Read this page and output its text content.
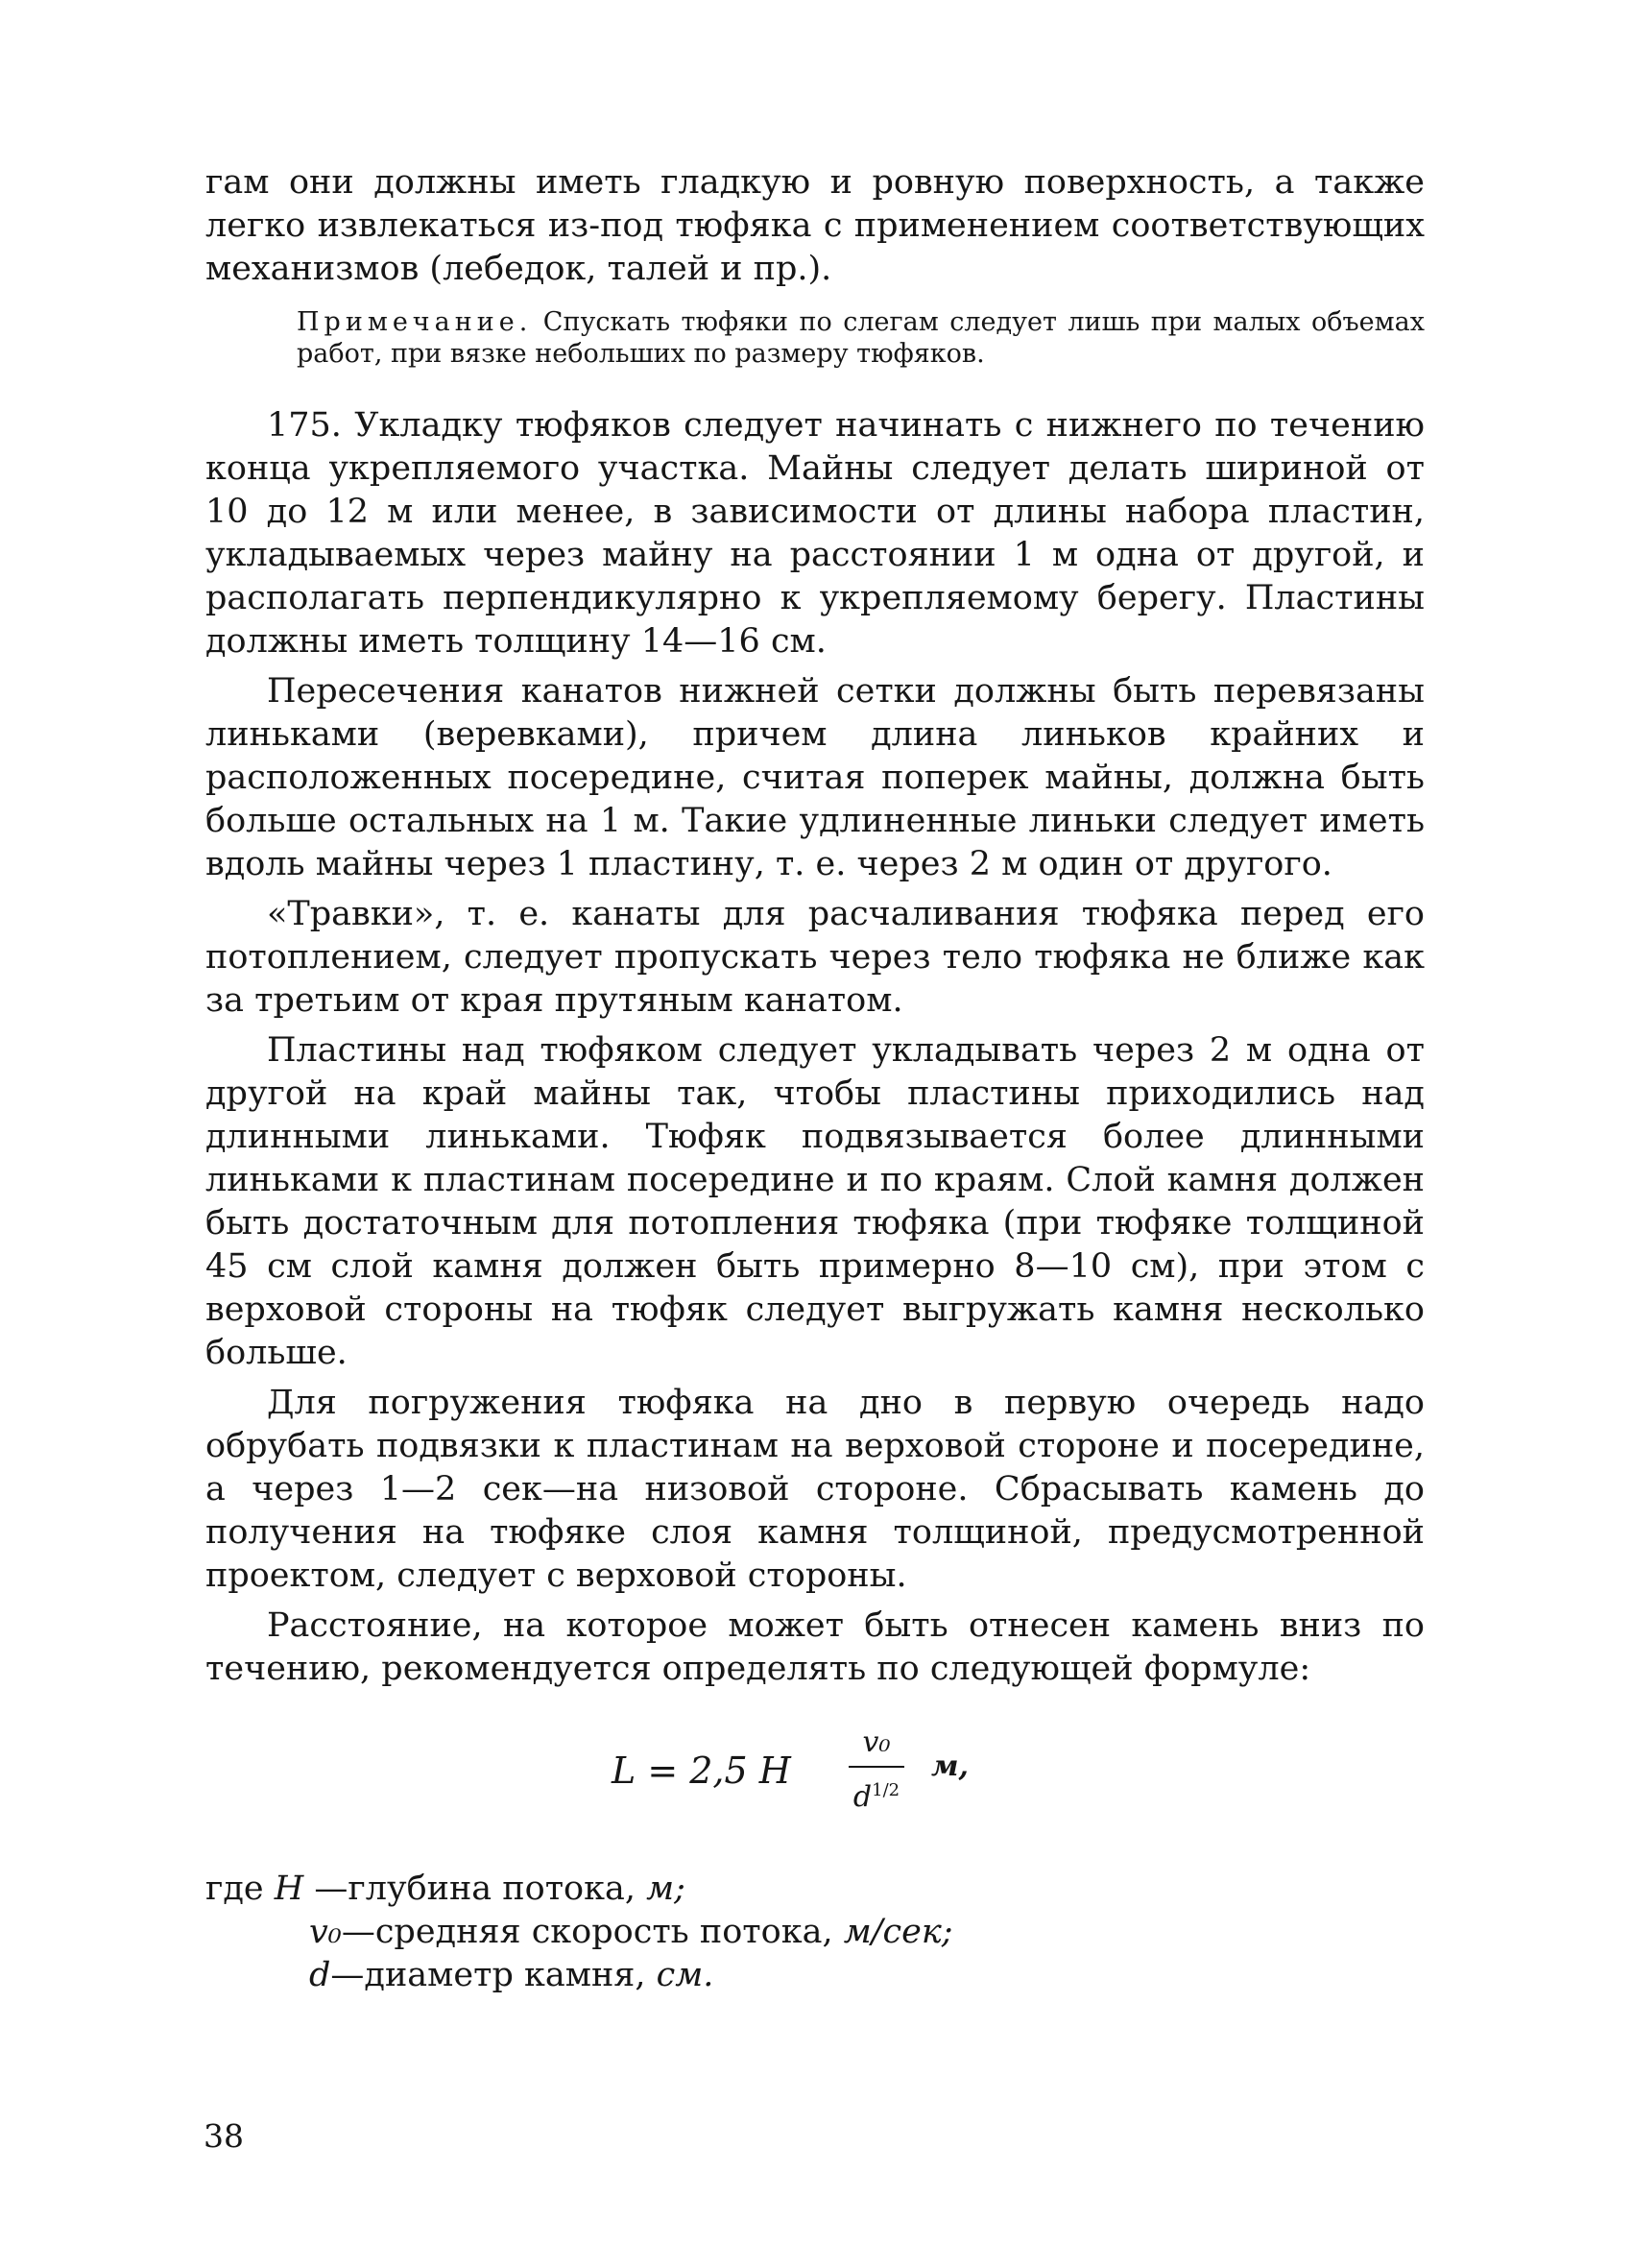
гам они должны иметь гладкую и ровную поверхность, а также легко извлекаться из-под тюфяка с применением соответствующих механизмов (лебедок, талей и пр.).

Примечание. Спускать тюфяки по слегам следует лишь при малых объемах работ, при вязке небольших по размеру тюфяков.

175. Укладку тюфяков следует начинать с нижнего по течению конца укрепляемого участка. Майны следует делать шириной от 10 до 12 м или менее, в зависимости от длины набора пластин, укладываемых через майну на расстоянии 1 м одна от другой, и располагать перпендикулярно к укрепляемому берегу. Пластины должны иметь толщину 14—16 см.

Пересечения канатов нижней сетки должны быть перевязаны линьками (веревками), причем длина линьков крайних и расположенных посередине, считая поперек майны, должна быть больше остальных на 1 м. Такие удлиненные линьки следует иметь вдоль майны через 1 пластину, т. е. через 2 м один от другого.

«Травки», т. е. канаты для расчаливания тюфяка перед его потоплением, следует пропускать через тело тюфяка не ближе как за третьим от края прутяным канатом.

Пластины над тюфяком следует укладывать через 2 м одна от другой на край майны так, чтобы пластины приходились над длинными линьками. Тюфяк подвязывается более длинными линьками к пластинам посередине и по краям. Слой камня должен быть достаточным для потопления тюфяка (при тюфяке толщиной 45 см слой камня должен быть примерно 8—10 см), при этом с верховой стороны на тюфяк следует выгружать камня несколько больше.

Для погружения тюфяка на дно в первую очередь надо обрубать подвязки к пластинам на верховой стороне и посередине, а через 1—2 сек—на низовой стороне. Сбрасывать камень до получения на тюфяке слоя камня толщиной, предусмотренной проектом, следует с верховой стороны.

Расстояние, на которое может быть отнесен камень вниз по течению, рекомендуется определять по следующей формуле:

L = 2,5 H
v₀
$d^{1/2}$
м,
где H —глубина потока, м;
v₀—средняя скорость потока, м/сек;
d—диаметр камня, см.
38
